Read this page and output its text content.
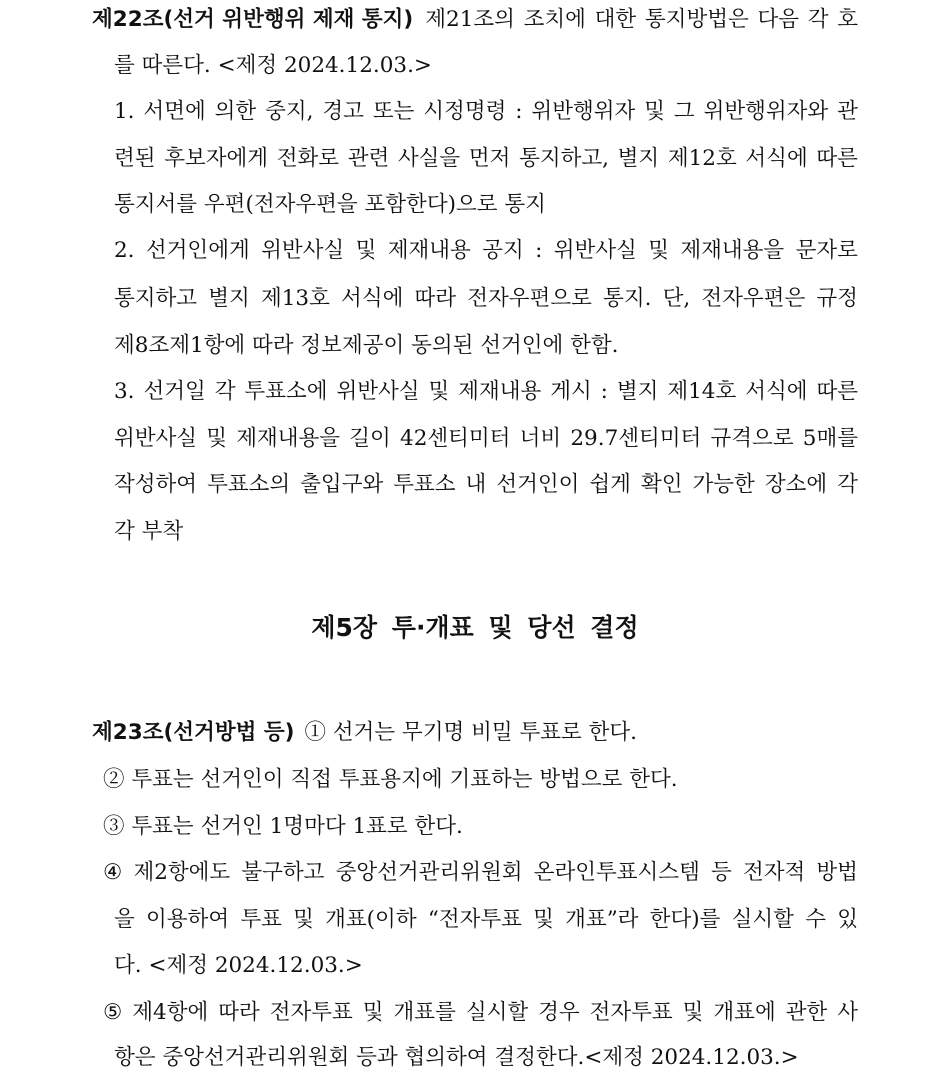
제22조(선거 위반행위 제재 통지) 제21조의 조치에 대한 통지방법은 다음 각 호
를 따른다. <제정 2024.12.03.>
1. 서면에 의한 중지, 경고 또는 시정명령 : 위반행위자 및 그 위반행위자와 관
련된 후보자에게 전화로 관련 사실을 먼저 통지하고, 별지 제12호 서식에 따른
통지서를 우편(전자우편을 포함한다)으로 통지
2. 선거인에게 위반사실 및 제재내용 공지 : 위반사실 및 제재내용을 문자로
통지하고 별지 제13호 서식에 따라 전자우편으로 통지. 단, 전자우편은 규정
제8조제1항에 따라 정보제공이 동의된 선거인에 한함.
3. 선거일 각 투표소에 위반사실 및 제재내용 게시 : 별지 제14호 서식에 따른
위반사실 및 제재내용을 길이 42센티미터 너비 29.7센티미터 규격으로 5매를
작성하여 투표소의 출입구와 투표소 내 선거인이 쉽게 확인 가능한 장소에 각
각 부착
제5장 투·개표 및 당선 결정
제23조(선거방법 등) ① 선거는 무기명 비밀 투표로 한다.
② 투표는 선거인이 직접 투표용지에 기표하는 방법으로 한다.
③ 투표는 선거인 1명마다 1표로 한다.
④ 제2항에도 불구하고 중앙선거관리위원회 온라인투표시스템 등 전자적 방법
을 이용하여 투표 및 개표(이하 “전자투표 및 개표”라 한다)를 실시할 수 있
다. <제정 2024.12.03.>
⑤ 제4항에 따라 전자투표 및 개표를 실시할 경우 전자투표 및 개표에 관한 사
항은 중앙선거관리위원회 등과 협의하여 결정한다.<제정 2024.12.03.>
